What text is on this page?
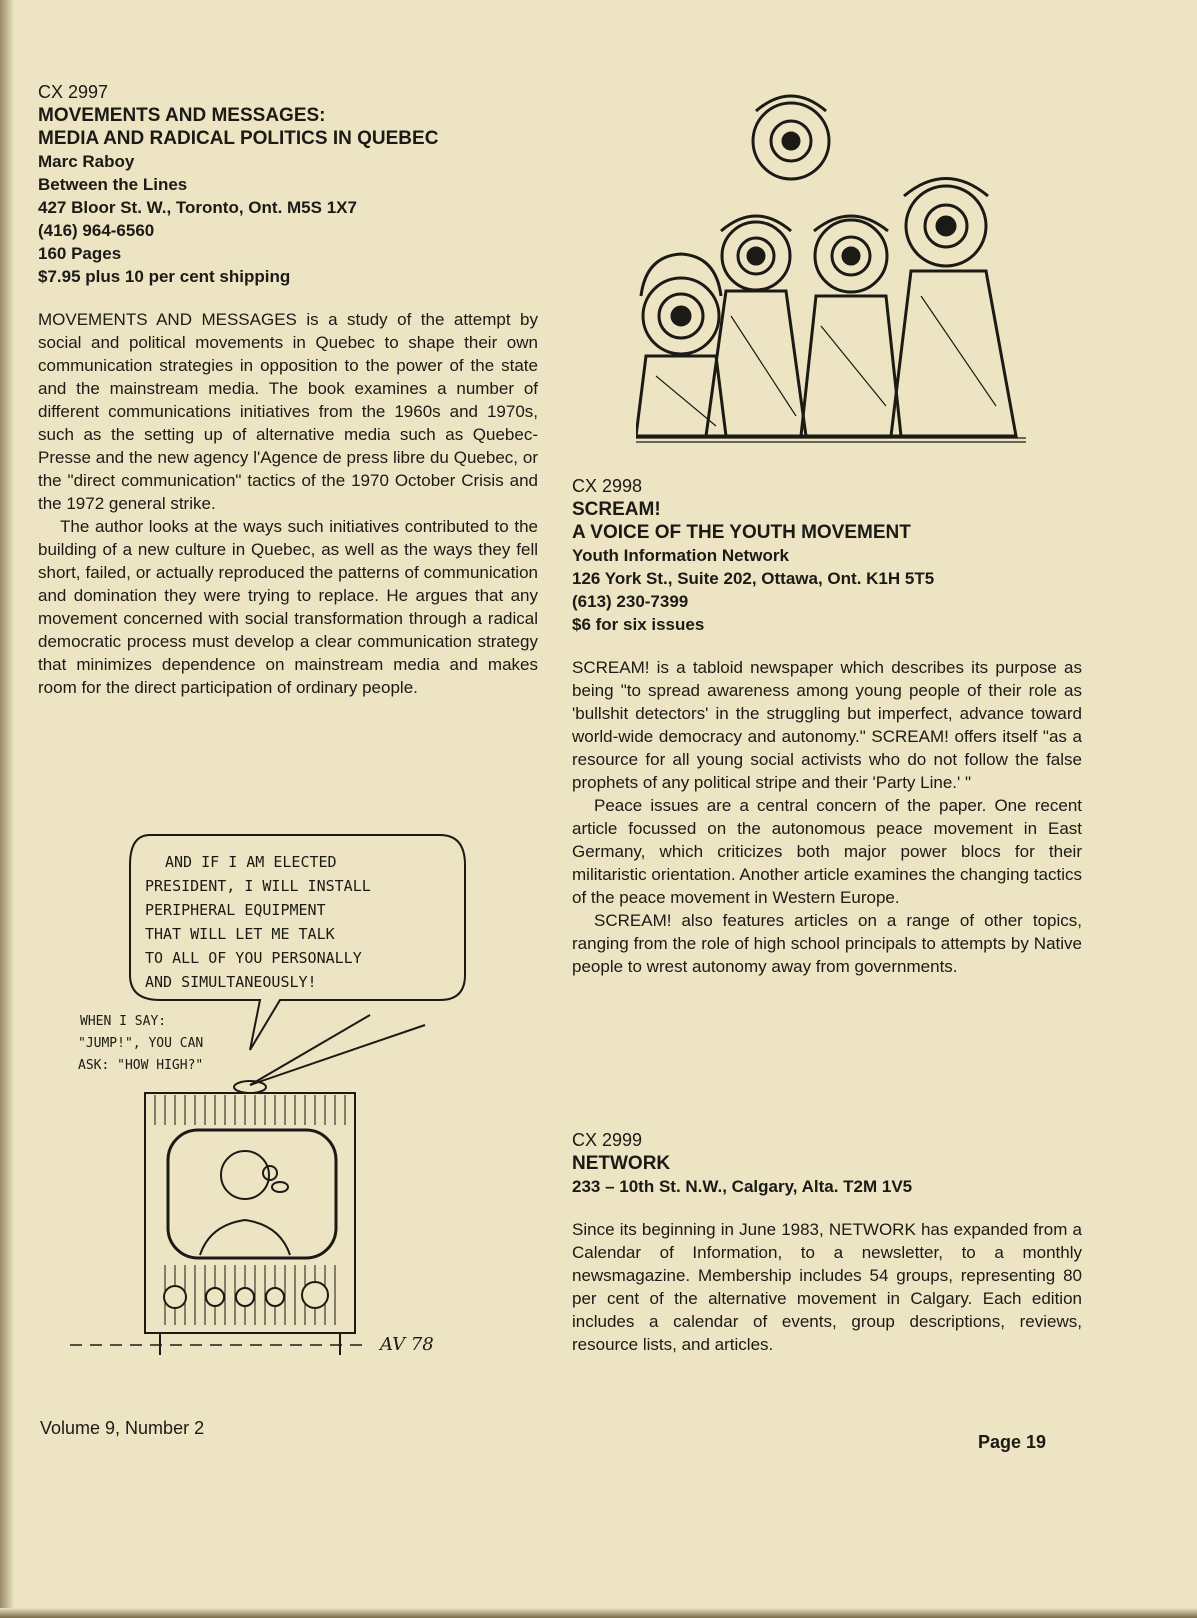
CX 2997
MOVEMENTS AND MESSAGES:
MEDIA AND RADICAL POLITICS IN QUEBEC
Marc Raboy
Between the Lines
427 Bloor St. W., Toronto, Ont. M5S 1X7
(416) 964-6560
160 Pages
$7.95 plus 10 per cent shipping

MOVEMENTS AND MESSAGES is a study of the attempt by social and political movements in Quebec to shape their own communication strategies in opposition to the power of the state and the mainstream media. The book examines a number of different communications initiatives from the 1960s and 1970s, such as the setting up of alternative media such as Quebec-Presse and the new agency l'Agence de press libre du Quebec, or the "direct communication" tactics of the 1970 October Crisis and the 1972 general strike.

The author looks at the ways such initiatives contributed to the building of a new culture in Quebec, as well as the ways they fell short, failed, or actually reproduced the patterns of communication and domination they were trying to replace. He argues that any movement concerned with social transformation through a radical democratic process must develop a clear communication strategy that minimizes dependence on mainstream media and makes room for the direct participation of ordinary people.

AND IF I AM ELECTED
PRESIDENT, I WILL INSTALL
PERIPHERAL EQUIPMENT
THAT WILL LET ME TALK
TO ALL OF YOU PERSONALLY
AND SIMULTANEOUSLY!
WHEN I SAY:
"JUMP!", YOU CAN
ASK: "HOW HIGH?"
AV 78
CX 2998
SCREAM!
A VOICE OF THE YOUTH MOVEMENT
Youth Information Network
126 York St., Suite 202, Ottawa, Ont. K1H 5T5
(613) 230-7399
$6 for six issues

SCREAM! is a tabloid newspaper which describes its purpose as being "to spread awareness among young people of their role as 'bullshit detectors' in the struggling but imperfect, advance toward world-wide democracy and autonomy." SCREAM! offers itself "as a resource for all young social activists who do not follow the false prophets of any political stripe and their 'Party Line.' "

Peace issues are a central concern of the paper. One recent article focussed on the autonomous peace movement in East Germany, which criticizes both major power blocs for their militaristic orientation. Another article examines the changing tactics of the peace movement in Western Europe.

SCREAM! also features articles on a range of other topics, ranging from the role of high school principals to attempts by Native people to wrest autonomy away from governments.

CX 2999
NETWORK
233 – 10th St. N.W., Calgary, Alta. T2M 1V5

Since its beginning in June 1983, NETWORK has expanded from a Calendar of Information, to a newsletter, to a monthly newsmagazine. Membership includes 54 groups, representing 80 per cent of the alternative movement in Calgary. Each edition includes a calendar of events, group descriptions, reviews, resource lists, and articles.

Volume 9, Number 2
Page 19
